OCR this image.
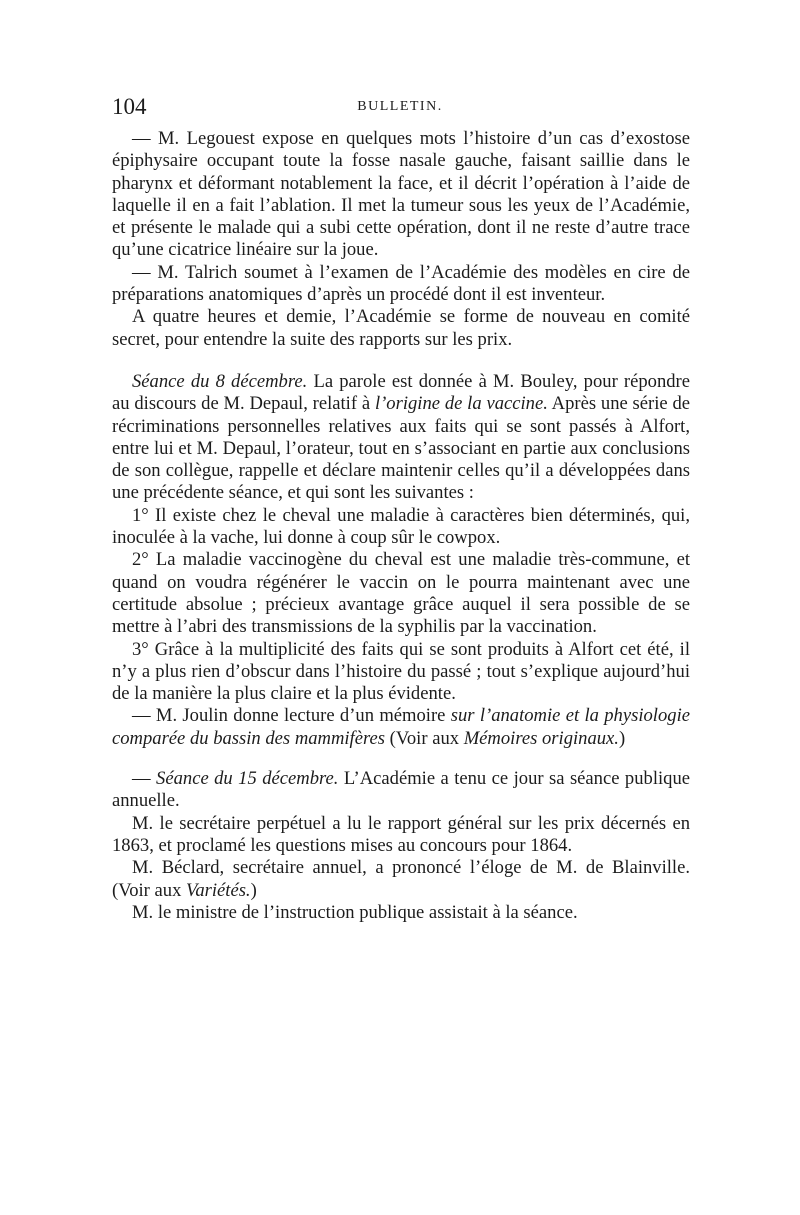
104	BULLETIN.

— M. Legouest expose en quelques mots l’histoire d’un cas d’exostose épiphysaire occupant toute la fosse nasale gauche, faisant saillie dans le pharynx et déformant notablement la face, et il décrit l’opération à l’aide de laquelle il en a fait l’ablation. Il met la tumeur sous les yeux de l’Académie, et présente le malade qui a subi cette opération, dont il ne reste d’autre trace qu’une cicatrice linéaire sur la joue.

— M. Talrich soumet à l’examen de l’Académie des modèles en cire de préparations anatomiques d’après un procédé dont il est inventeur.

A quatre heures et demie, l’Académie se forme de nouveau en comité secret, pour entendre la suite des rapports sur les prix.

Séance du 8 décembre. La parole est donnée à M. Bouley, pour répondre au discours de M. Depaul, relatif à l’origine de la vaccine. Après une série de récriminations personnelles relatives aux faits qui se sont passés à Alfort, entre lui et M. Depaul, l’orateur, tout en s’associant en partie aux conclusions de son collègue, rappelle et déclare maintenir celles qu’il a développées dans une précédente séance, et qui sont les suivantes :

1° Il existe chez le cheval une maladie à caractères bien déterminés, qui, inoculée à la vache, lui donne à coup sûr le cowpox.

2° La maladie vaccinogène du cheval est une maladie très-commune, et quand on voudra régénérer le vaccin on le pourra maintenant avec une certitude absolue ; précieux avantage grâce auquel il sera possible de se mettre à l’abri des transmissions de la syphilis par la vaccination.

3° Grâce à la multiplicité des faits qui se sont produits à Alfort cet été, il n’y a plus rien d’obscur dans l’histoire du passé ; tout s’explique aujourd’hui de la manière la plus claire et la plus évidente.

— M. Joulin donne lecture d’un mémoire sur l’anatomie et la physiologie comparée du bassin des mammifères (Voir aux Mémoires originaux.)

— Séance du 15 décembre. L’Académie a tenu ce jour sa séance publique annuelle.

M. le secrétaire perpétuel a lu le rapport général sur les prix décernés en 1863, et proclamé les questions mises au concours pour 1864.

M. Béclard, secrétaire annuel, a prononcé l’éloge de M. de Blainville. (Voir aux Variétés.)

M. le ministre de l’instruction publique assistait à la séance.
